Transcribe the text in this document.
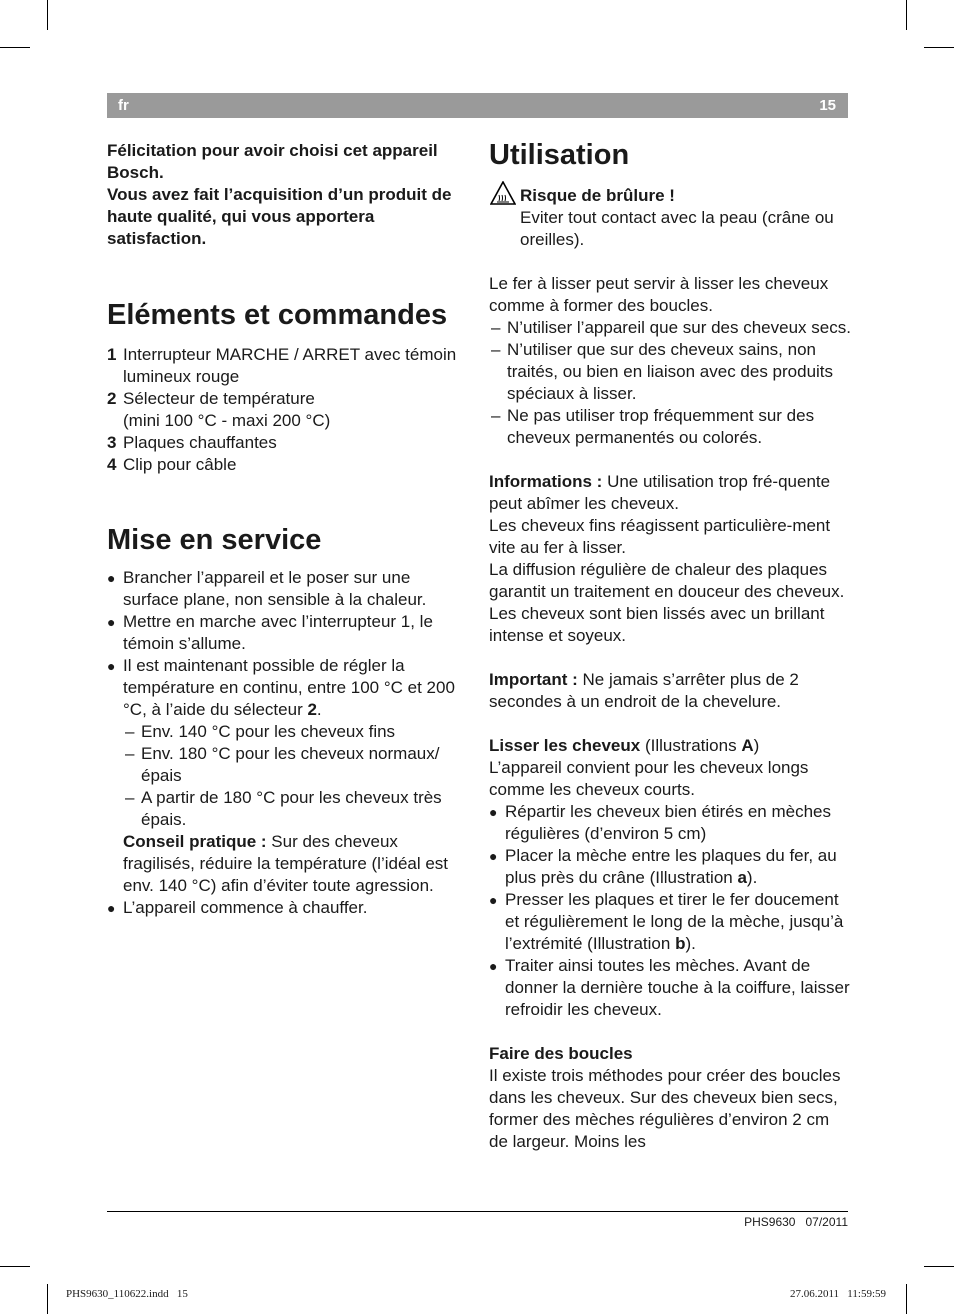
fr	15

Félicitation pour avoir choisi cet appareil Bosch.

Vous avez fait l’acquisition d’un produit de haute qualité, qui vous apportera satisfaction.

Eléments et commandes
1 Interrupteur MARCHE / ARRET avec témoin lumineux rouge
2 Sélecteur de température
(mini 100 °C - maxi 200 °C)
3 Plaques chauffantes
4 Clip pour câble
Mise en service
● Brancher l’appareil et le poser sur une surface plane, non sensible à la chaleur.
● Mettre en marche avec l’interrupteur 1, le témoin s’allume.
● Il est maintenant possible de régler la température en continu, entre 100 °C et 200 °C, à l’aide du sélecteur 2.
– Env. 140 °C pour les cheveux fins
– Env. 180 °C pour les cheveux normaux/ épais
– A partir de 180 °C pour les cheveux très épais.

Conseil pratique : Sur des cheveux fragilisés, réduire la température (l’idéal est env. 140 °C) afin d’éviter toute agression.

● L’appareil commence à chauffer.
Utilisation
Risque de brûlure !
Eviter tout contact avec la peau (crâne ou oreilles).

Le fer à lisser peut servir à lisser les cheveux comme à former des boucles.

– N’utiliser l’appareil que sur des cheveux secs.
– N’utiliser que sur des cheveux sains, non traités, ou bien en liaison avec des produits spéciaux à lisser.
– Ne pas utiliser trop fréquemment sur des cheveux permanentés ou colorés.

Informations : Une utilisation trop fré-quente peut abîmer les cheveux.

Les cheveux fins réagissent particulière-ment vite au fer à lisser.

La diffusion régulière de chaleur des plaques garantit un traitement en douceur des cheveux.

Les cheveux sont bien lissés avec un brillant intense et soyeux.

Important : Ne jamais s’arrêter plus de 2 secondes à un endroit de la chevelure.

Lisser les cheveux (Illustrations A)

L’appareil convient pour les cheveux longs comme les cheveux courts.

● Répartir les cheveux bien étirés en mèches régulières (d’environ 5 cm)
● Placer la mèche entre les plaques du fer, au plus près du crâne (Illustration a).
● Presser les plaques et tirer le fer doucement et régulièrement le long de la mèche, jusqu’à l’extrémité (Illustration b).
● Traiter ainsi toutes les mèches. Avant de donner la dernière touche à la coiffure, laisser refroidir les cheveux.

Faire des boucles

Il existe trois méthodes pour créer des boucles dans les cheveux. Sur des cheveux bien secs, former des mèches régulières d’environ 2 cm de largeur. Moins les

PHS9630 07/2011
PHS9630_110622.indd   15	27.06.2011   11:59:59
